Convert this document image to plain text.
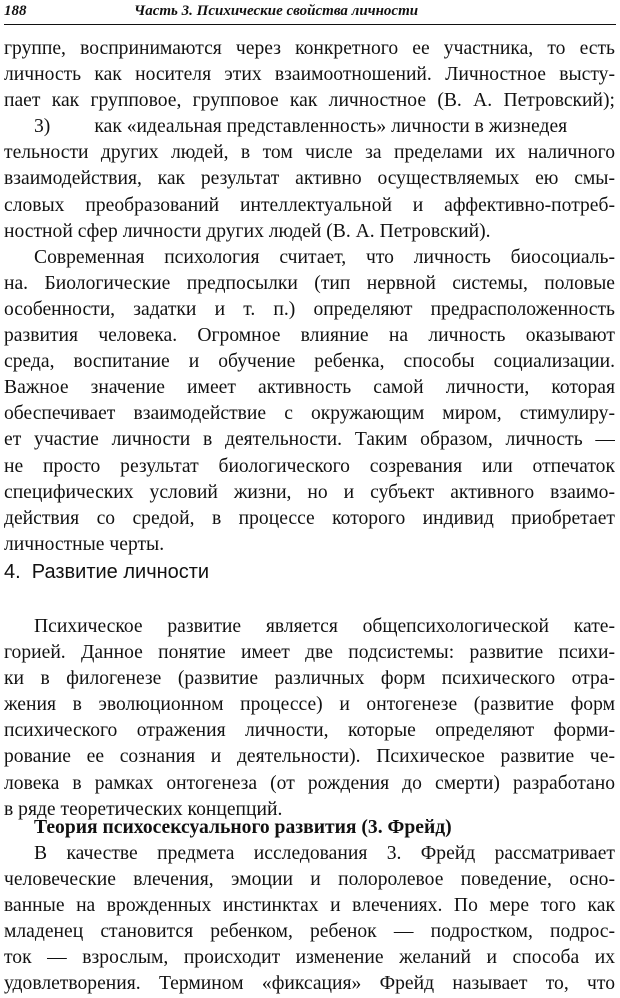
188	Часть 3. Психические свойства личности
группе, воспринимаются через конкретного ее участника, то есть
личность как носителя этих взаимоотношений. Личностное высту-
пает как групповое, групповое как личностное (В. А. Петровский);
3)         как «идеальная представленность» личности в жизнедея
тельности других людей, в том числе за пределами их наличного
взаимодействия, как результат активно осуществляемых ею смы-
словых преобразований интеллектуальной и аффективно-потреб-
ностной сфер личности других людей (В. А. Петровский).
Современная психология считает, что личность биосоциаль-
на. Биологические предпосылки (тип нервной системы, половые
особенности, задатки и т. п.) определяют предрасположенность
развития человека. Огромное влияние на личность оказывают
среда, воспитание и обучение ребенка, способы социализации.
Важное значение имеет активность самой личности, которая
обеспечивает взаимодействие с окружающим миром, стимулиру-
ет участие личности в деятельности. Таким образом, личность —
не просто результат биологического созревания или отпечаток
специфических условий жизни, но и субъект активного взаимо-
действия со средой, в процессе которого индивид приобретает
личностные черты.
4.  Развитие личности
Психическое развитие является общепсихологической кате-
горией. Данное понятие имеет две подсистемы: развитие психи-
ки в филогенезе (развитие различных форм психического отра-
жения в эволюционном процессе) и онтогенезе (развитие форм
психического отражения личности, которые определяют форми-
рование ее сознания и деятельности). Психическое развитие че-
ловека в рамках онтогенеза (от рождения до смерти) разработано
в ряде теоретических концепций.
Теория психосексуального развития (3. Фрейд)
В качестве предмета исследования 3. Фрейд рассматривает
человеческие влечения, эмоции и полоролевое поведение, осно-
ванные на врожденных инстинктах и влечениях. По мере того как
младенец становится ребенком, ребенок — подростком, подрос-
ток — взрослым, происходит изменение желаний и способа их
удовлетворения. Термином «фиксация» Фрейд называет то, что
